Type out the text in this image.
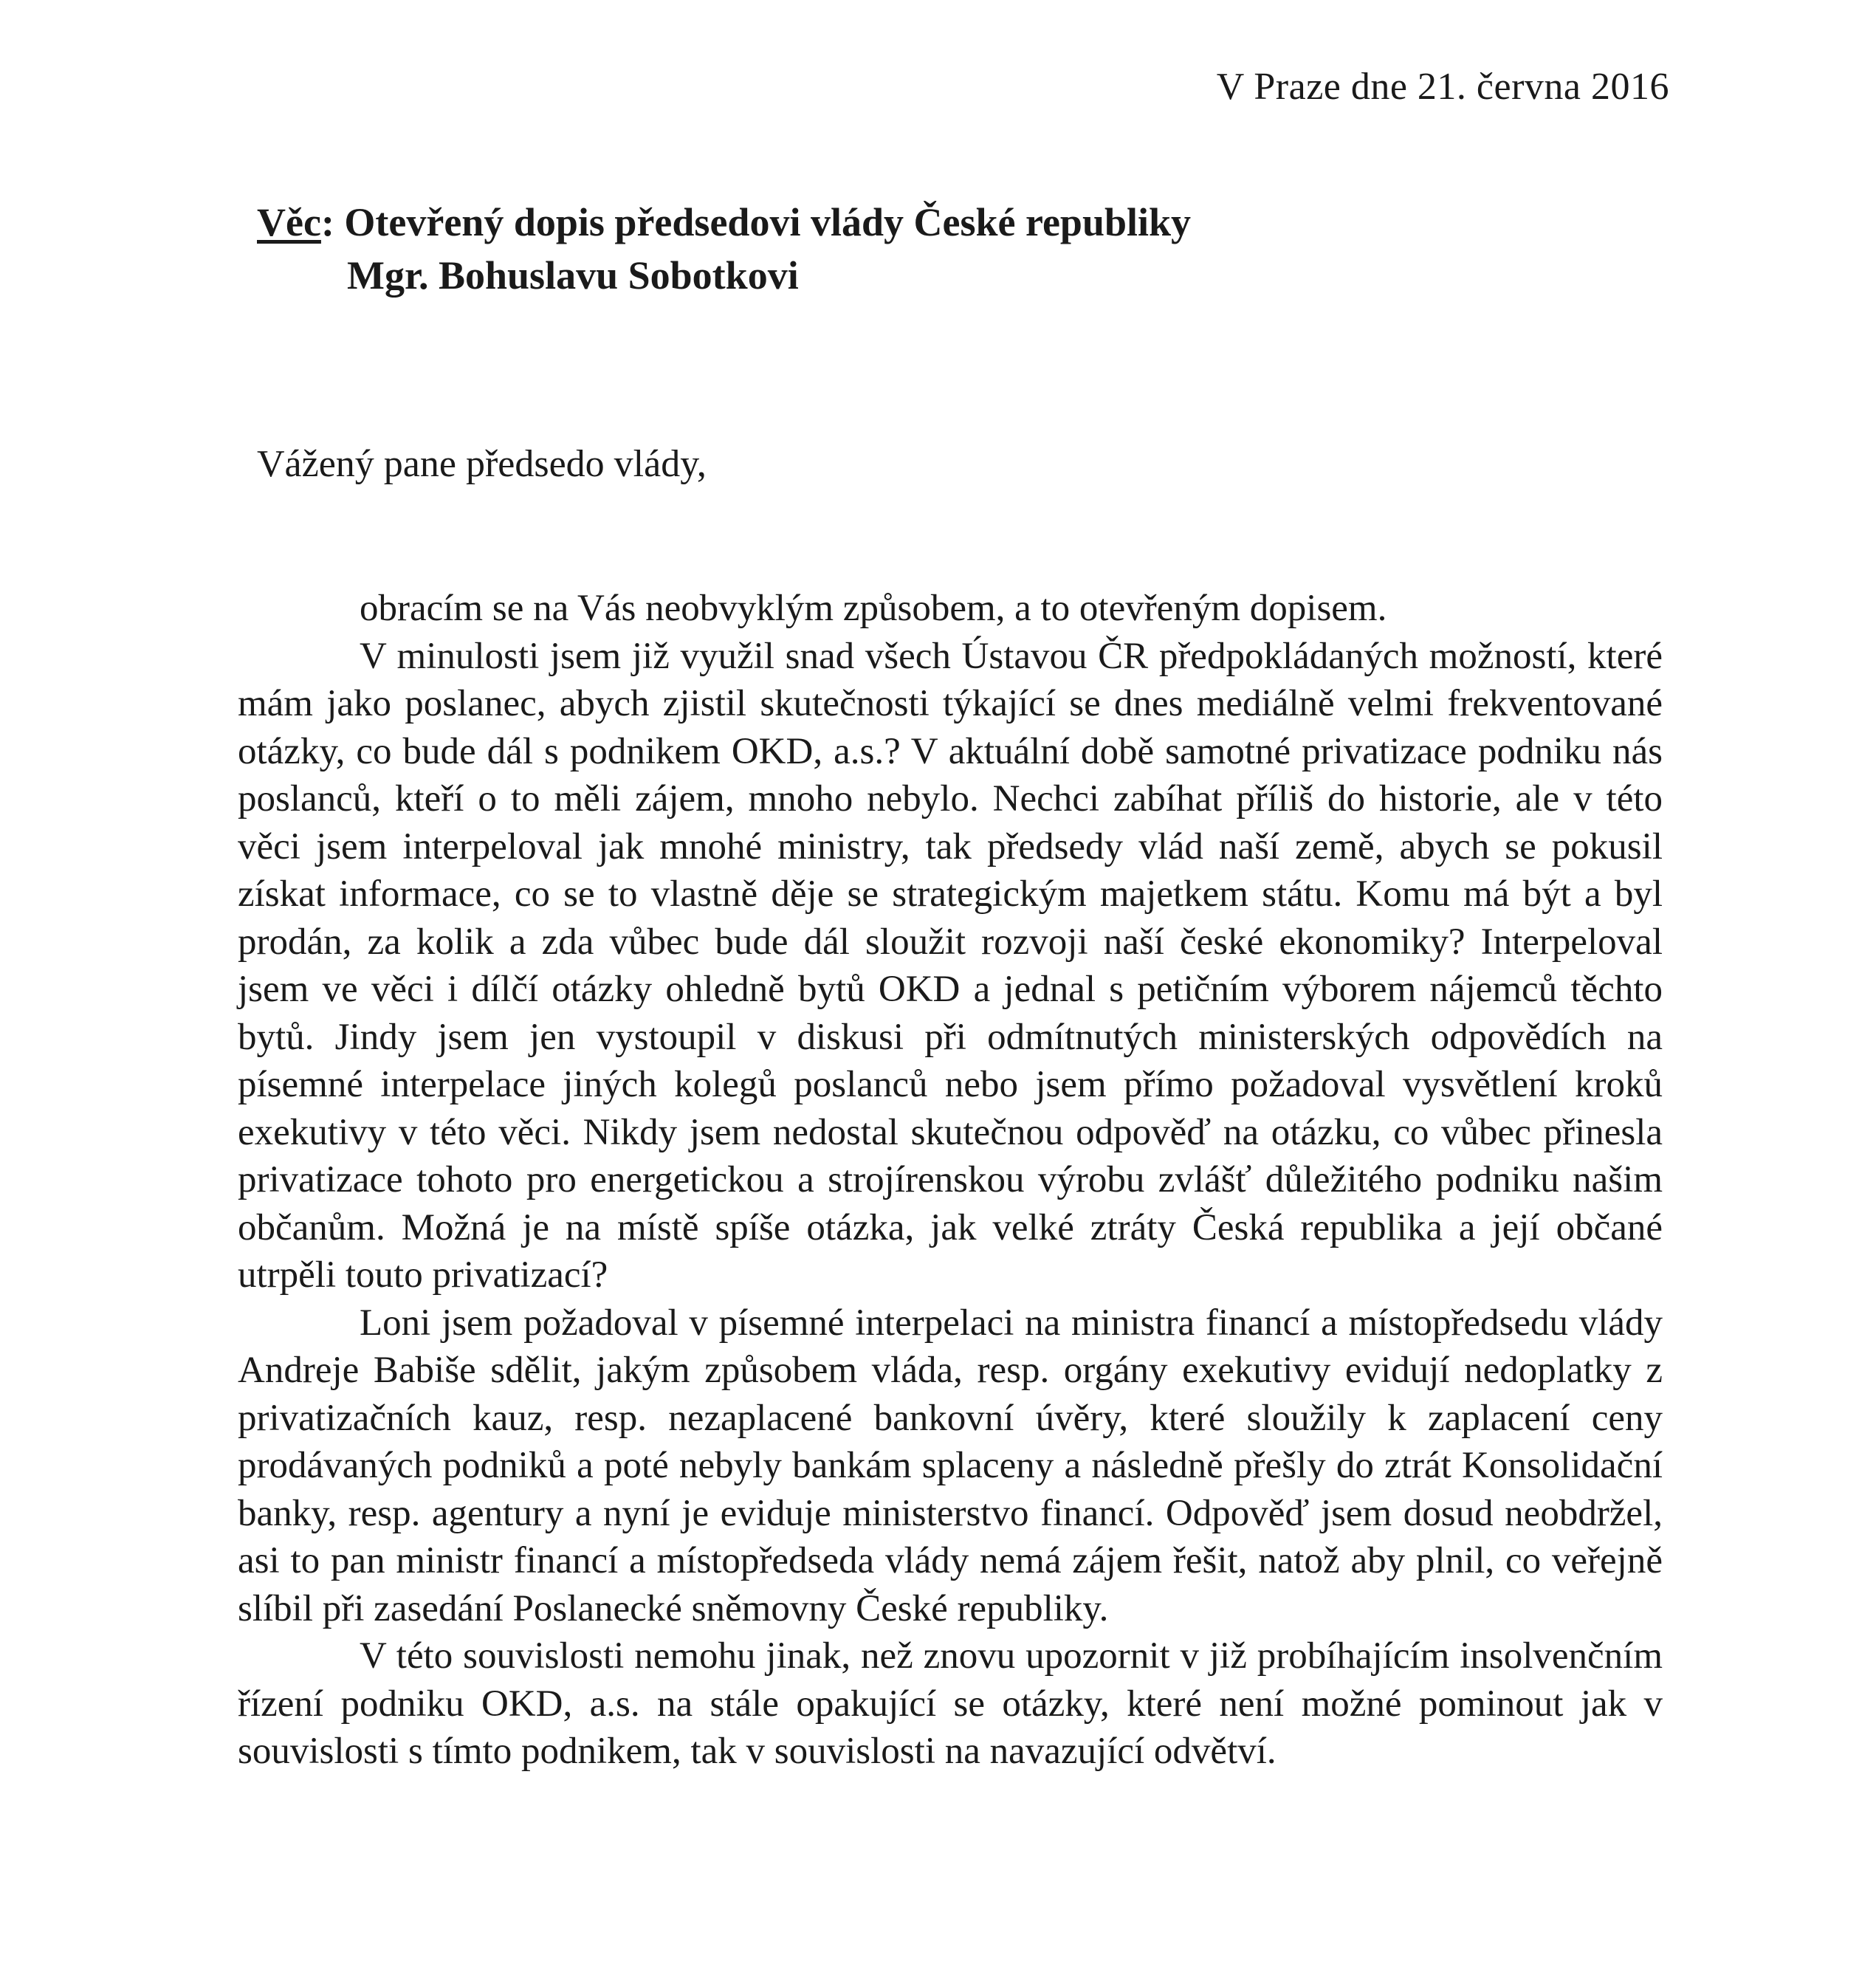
V Praze dne 21. června 2016
Věc: Otevřený dopis předsedovi vlády České republiky
Mgr. Bohuslavu Sobotkovi
Vážený pane předsedo vlády,

obracím se na Vás neobvyklým způsobem, a to otevřeným dopisem.

V minulosti jsem již využil snad všech Ústavou ČR předpokládaných možností, které mám jako poslanec, abych zjistil skutečnosti týkající se dnes mediálně velmi frekventované otázky, co bude dál s podnikem OKD, a.s.? V aktuální době samotné privatizace podniku nás poslanců, kteří o to měli zájem, mnoho nebylo. Nechci zabíhat příliš do historie, ale v této věci jsem interpeloval jak mnohé ministry, tak předsedy vlád naší země, abych se pokusil získat informace, co se to vlastně děje se strategickým majetkem státu. Komu má být a byl prodán, za kolik a zda vůbec bude dál sloužit rozvoji naší české ekonomiky? Interpeloval jsem ve věci i dílčí otázky ohledně bytů OKD a jednal s petičním výborem nájemců těchto bytů. Jindy jsem jen vystoupil v diskusi při odmítnutých ministerských odpovědích na písemné interpelace jiných kolegů poslanců nebo jsem přímo požadoval vysvětlení kroků exekutivy v této věci. Nikdy jsem nedostal skutečnou odpověď na otázku, co vůbec přinesla privatizace tohoto pro energetickou a strojírenskou výrobu zvlášť důležitého podniku našim občanům. Možná je na místě spíše otázka, jak velké ztráty Česká republika a její občané utrpěli touto privatizací?

Loni jsem požadoval v písemné interpelaci na ministra financí a místopředsedu vlády Andreje Babiše sdělit, jakým způsobem vláda, resp. orgány exekutivy evidují nedoplatky z privatizačních kauz, resp. nezaplacené bankovní úvěry, které sloužily k zaplacení ceny prodávaných podniků a poté nebyly bankám splaceny a následně přešly do ztrát Konsolidační banky, resp. agentury a nyní je eviduje ministerstvo financí. Odpověď jsem dosud neobdržel, asi to pan ministr financí a místopředseda vlády nemá zájem řešit, natož aby plnil, co veřejně slíbil při zasedání Poslanecké sněmovny České republiky.

V této souvislosti nemohu jinak, než znovu upozornit v již probíhajícím insolvenčním řízení podniku OKD, a.s. na stále opakující se otázky, které není možné pominout jak v souvislosti s tímto podnikem, tak v souvislosti na navazující odvětví.
